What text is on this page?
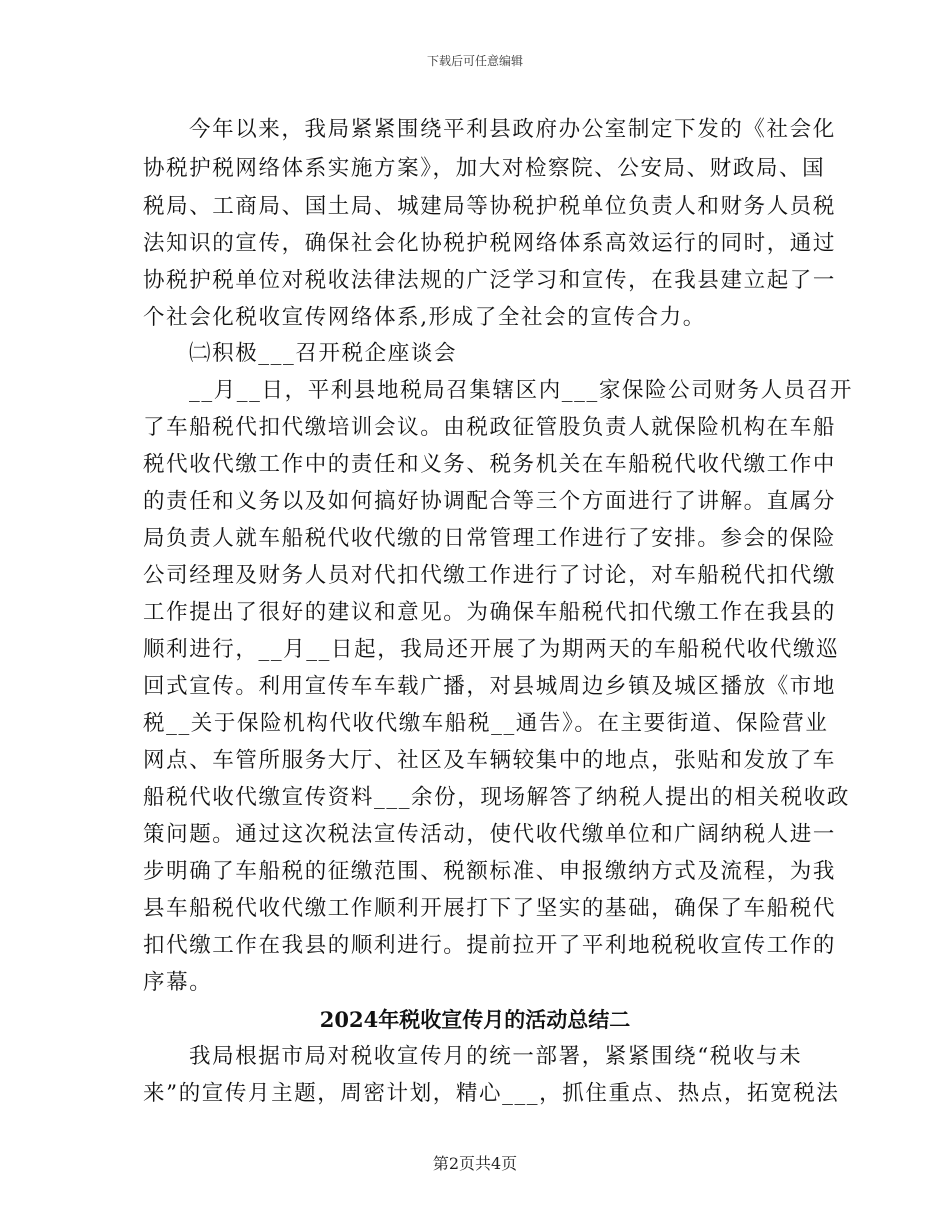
下载后可任意编辑
今年以来，我局紧紧围绕平利县政府办公室制定下发的《社会化
协税护税网络体系实施方案》，加大对检察院、公安局、财政局、国
税局、工商局、国土局、城建局等协税护税单位负责人和财务人员税
法知识的宣传，确保社会化协税护税网络体系高效运行的同时，通过
协税护税单位对税收法律法规的广泛学习和宣传，在我县建立起了一
个社会化税收宣传网络体系,形成了全社会的宣传合力。
㈡积极___召开税企座谈会
__月__日，平利县地税局召集辖区内___家保险公司财务人员召开
了车船税代扣代缴培训会议。由税政征管股负责人就保险机构在车船
税代收代缴工作中的责任和义务、税务机关在车船税代收代缴工作中
的责任和义务以及如何搞好协调配合等三个方面进行了讲解。直属分
局负责人就车船税代收代缴的日常管理工作进行了安排。参会的保险
公司经理及财务人员对代扣代缴工作进行了讨论，对车船税代扣代缴
工作提出了很好的建议和意见。为确保车船税代扣代缴工作在我县的
顺利进行，__月__日起，我局还开展了为期两天的车船税代收代缴巡
回式宣传。利用宣传车车载广播，对县城周边乡镇及城区播放《市地
税__关于保险机构代收代缴车船税__通告》。在主要街道、保险营业
网点、车管所服务大厅、社区及车辆较集中的地点，张贴和发放了车
船税代收代缴宣传资料___余份，现场解答了纳税人提出的相关税收政
策问题。通过这次税法宣传活动，使代收代缴单位和广阔纳税人进一
步明确了车船税的征缴范围、税额标准、申报缴纳方式及流程，为我
县车船税代收代缴工作顺利开展打下了坚实的基础，确保了车船税代
扣代缴工作在我县的顺利进行。提前拉开了平利地税税收宣传工作的
序幕。
2024年税收宣传月的活动总结二
我局根据市局对税收宣传月的统一部署，紧紧围绕“税收与未
来”的宣传月主题，周密计划，精心___，抓住重点、热点，拓宽税法
第2页共4页
